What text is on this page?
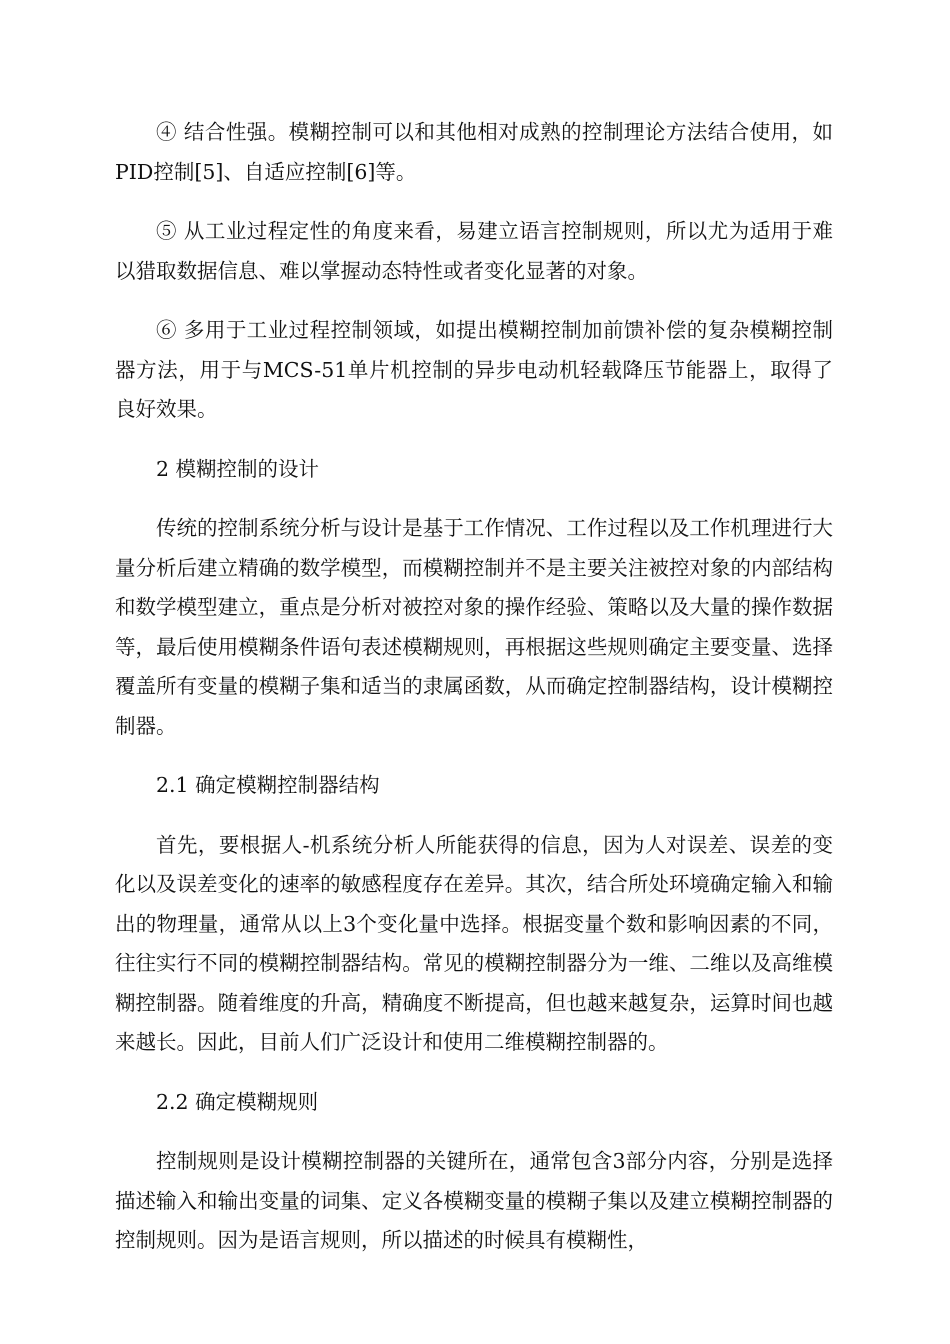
④ 结合性强。模糊控制可以和其他相对成熟的控制理论方法结合使用，如PID控制[5]、自适应控制[6]等。

⑤ 从工业过程定性的角度来看，易建立语言控制规则，所以尤为适用于难以猎取数据信息、难以掌握动态特性或者变化显著的对象。

⑥ 多用于工业过程控制领域，如提出模糊控制加前馈补偿的复杂模糊控制器方法，用于与MCS-51单片机控制的异步电动机轻载降压节能器上，取得了良好效果。

2 模糊控制的设计

传统的控制系统分析与设计是基于工作情况、工作过程以及工作机理进行大量分析后建立精确的数学模型，而模糊控制并不是主要关注被控对象的内部结构和数学模型建立，重点是分析对被控对象的操作经验、策略以及大量的操作数据等，最后使用模糊条件语句表述模糊规则，再根据这些规则确定主要变量、选择覆盖所有变量的模糊子集和适当的隶属函数，从而确定控制器结构，设计模糊控制器。

2.1 确定模糊控制器结构

首先，要根据人-机系统分析人所能获得的信息，因为人对误差、误差的变化以及误差变化的速率的敏感程度存在差异。其次，结合所处环境确定输入和输出的物理量，通常从以上3个变化量中选择。根据变量个数和影响因素的不同，往往实行不同的模糊控制器结构。常见的模糊控制器分为一维、二维以及高维模糊控制器。随着维度的升高，精确度不断提高，但也越来越复杂，运算时间也越来越长。因此，目前人们广泛设计和使用二维模糊控制器的。

2.2 确定模糊规则

控制规则是设计模糊控制器的关键所在，通常包含3部分内容，分别是选择描述输入和输出变量的词集、定义各模糊变量的模糊子集以及建立模糊控制器的控制规则。因为是语言规则，所以描述的时候具有模糊性，
